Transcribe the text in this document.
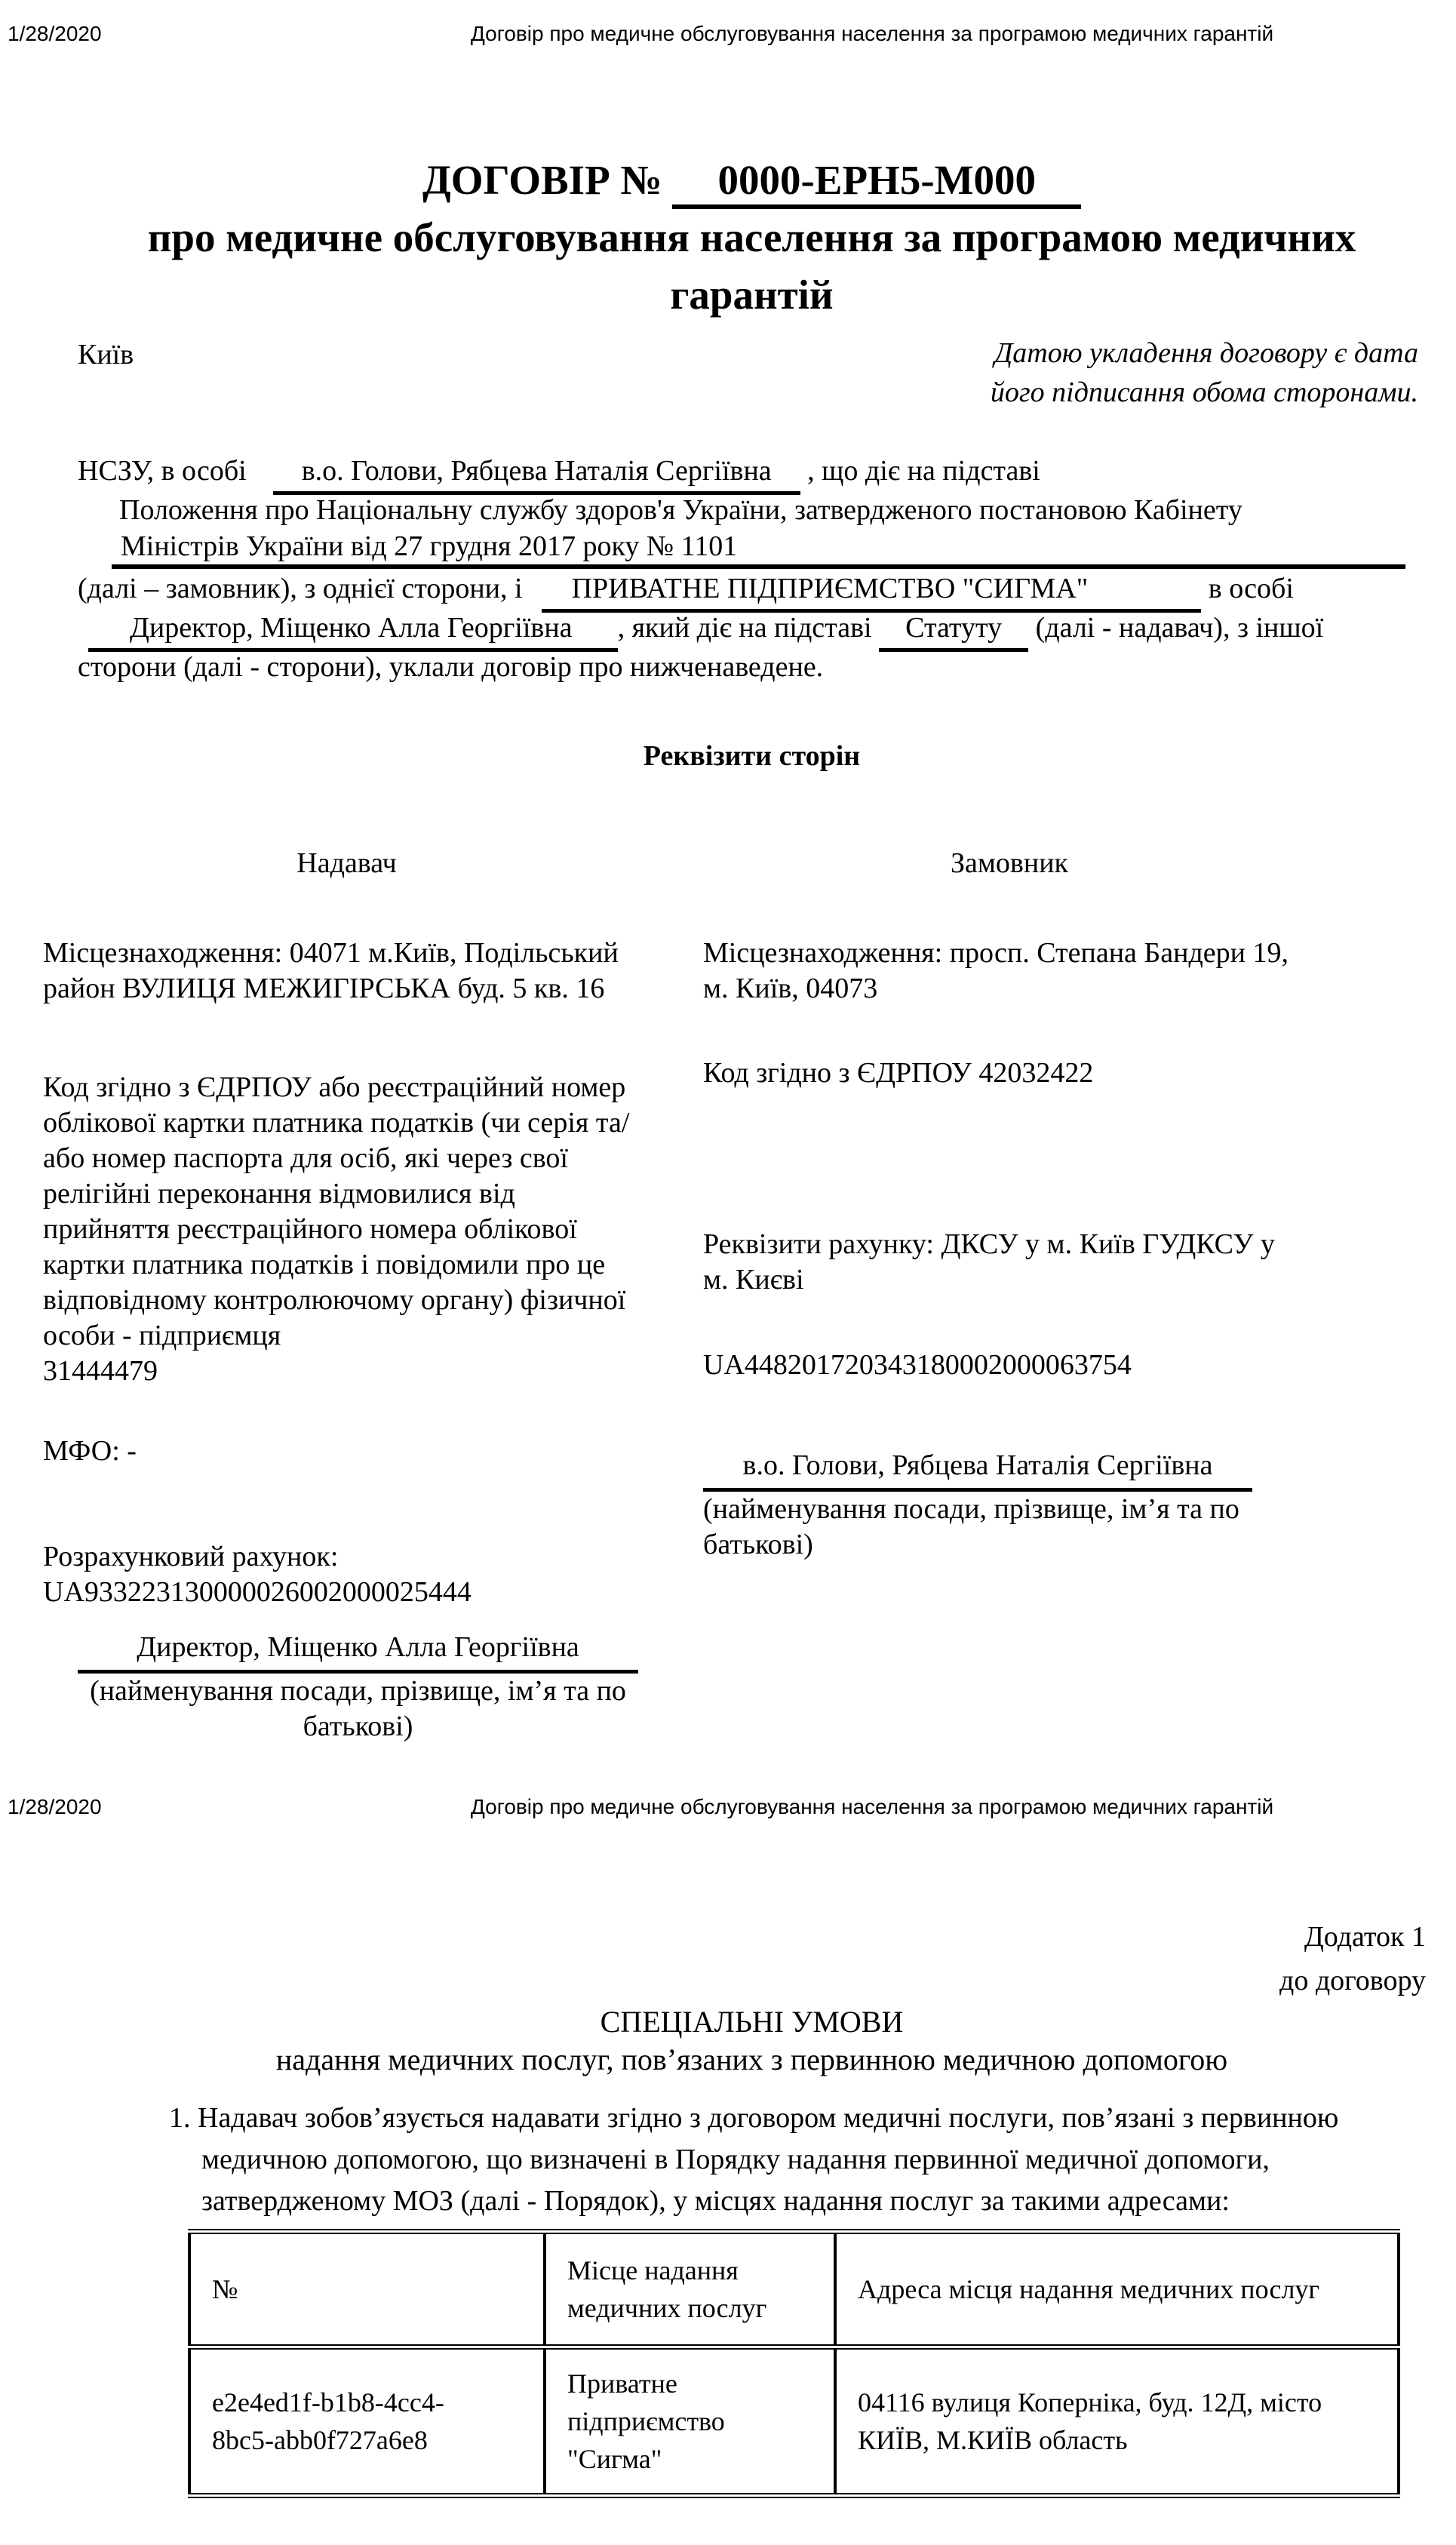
1/28/2020	Договір про медичне обслуговування населення за програмою медичних гарантій
ДОГОВІР № 0000-EPH5-M000
про медичне обслуговування населення за програмою медичних гарантій
Київ	Датою укладення договору є дата його підписання обома сторонами.
НСЗУ, в особі в.о. Голови, Рябцева Наталія Сергіївна , що діє на підставі
Положення про Національну службу здоров'я України, затвердженого постановою Кабінету
Міністрів України від 27 грудня 2017 року № 1101
(далі – замовник), з однієї сторони, і ПРИВАТНЕ ПІДПРИЄМСТВО "СИГМА"	в особі
Директор, Міщенко Алла Георгіївна , який діє на підставі Статуту (далі - надавач), з іншої
сторони (далі - сторони), уклали договір про нижченаведене.
Реквізити сторін
Надавач	Замовник
Місцезнаходження: 04071 м.Київ, Подільський
район ВУЛИЦЯ МЕЖИГІРСЬКА буд. 5 кв. 16
Код згідно з ЄДРПОУ або реєстраційний номер
облікової картки платника податків (чи серія та/
або номер паспорта для осіб, які через свої
релігійні переконання відмовилися від
прийняття реєстраційного номера облікової
картки платника податків і повідомили про це
відповідному контролюючому органу) фізичної
особи - підприємця
31444479
МФО: -
Розрахунковий рахунок:
UA933223130000026002000025444
Директор, Міщенко Алла Георгіївна
(найменування посади, прізвище, ім’я та по батькові)
Місцезнаходження: просп. Степана Бандери 19,
м. Київ, 04073
Код згідно з ЄДРПОУ 42032422
Реквізити рахунку: ДКСУ у м. Київ ГУДКСУ у
м. Києві
UA448201720343180002000063754
в.о. Голови, Рябцева Наталія Сергіївна
(найменування посади, прізвище, ім’я та по батькові)
1/28/2020	Договір про медичне обслуговування населення за програмою медичних гарантій
Додаток 1
до договору
СПЕЦІАЛЬНІ УМОВИ
надання медичних послуг, пов’язаних з первинною медичною допомогою
1. Надавач зобов’язується надавати згідно з договором медичні послуги, пов’язані з первинною
медичною допомогою, що визначені в Порядку надання первинної медичної допомоги,
затвердженому МОЗ (далі - Порядок), у місцях надання послуг за такими адресами:
№	Місце надання медичних послуг	Адреса місця надання медичних послуг
e2e4ed1f-b1b8-4cc4-8bc5-abb0f727a6e8	Приватне підприємство "Сигма"	04116 вулиця Коперніка, буд. 12Д, місто КИЇВ, М.КИЇВ область
